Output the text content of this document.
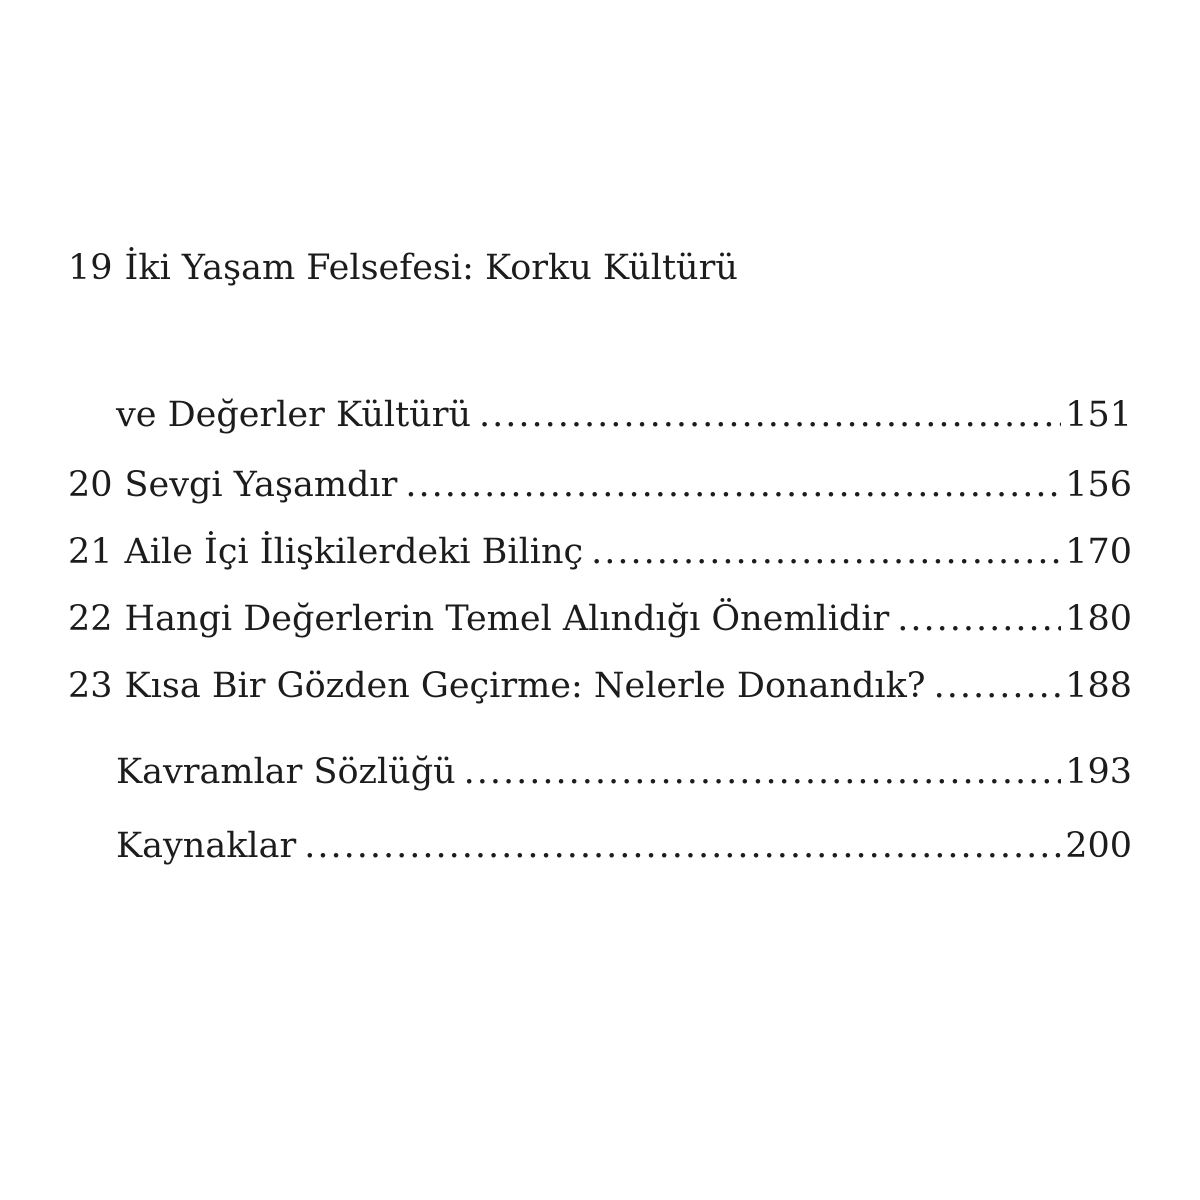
19 İki Yaşam Felsefesi: Korku Kültürü
ve Değerler Kültürü .....	151
20 Sevgi Yaşamdır .....	156
21 Aile İçi İlişkilerdeki Bilinç .....	170
22 Hangi Değerlerin Temel Alındığı Önemlidir .....	180
23 Kısa Bir Gözden Geçirme: Nelerle Donandık? .....	188
Kavramlar Sözlüğü .....	193
Kaynaklar .....	200
